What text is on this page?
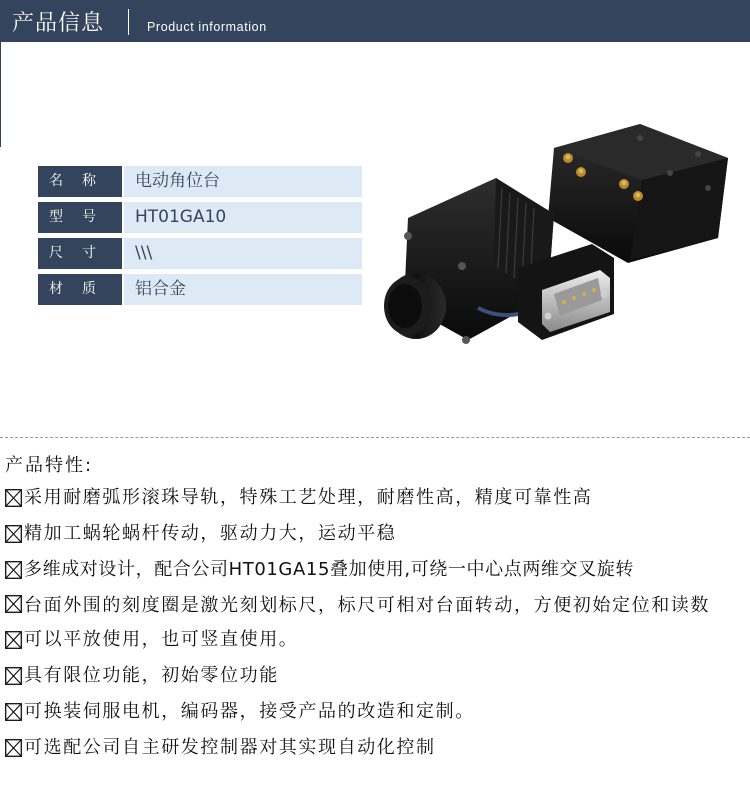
产品信息	Product information
名称	电动角位台
型号	HT01GA10
尺寸	\\\
材质	铝合金
产品特性:
采用耐磨弧形滚珠导轨，特殊工艺处理，耐磨性高，精度可靠性高
精加工蜗轮蜗杆传动，驱动力大，运动平稳
多维成对设计，配合公司HT01GA15叠加使用,可绕一中心点两维交叉旋转
台面外围的刻度圈是激光刻划标尺，标尺可相对台面转动，方便初始定位和读数
可以平放使用，也可竖直使用。
具有限位功能，初始零位功能
可换装伺服电机，编码器，接受产品的改造和定制。
可选配公司自主研发控制器对其实现自动化控制
